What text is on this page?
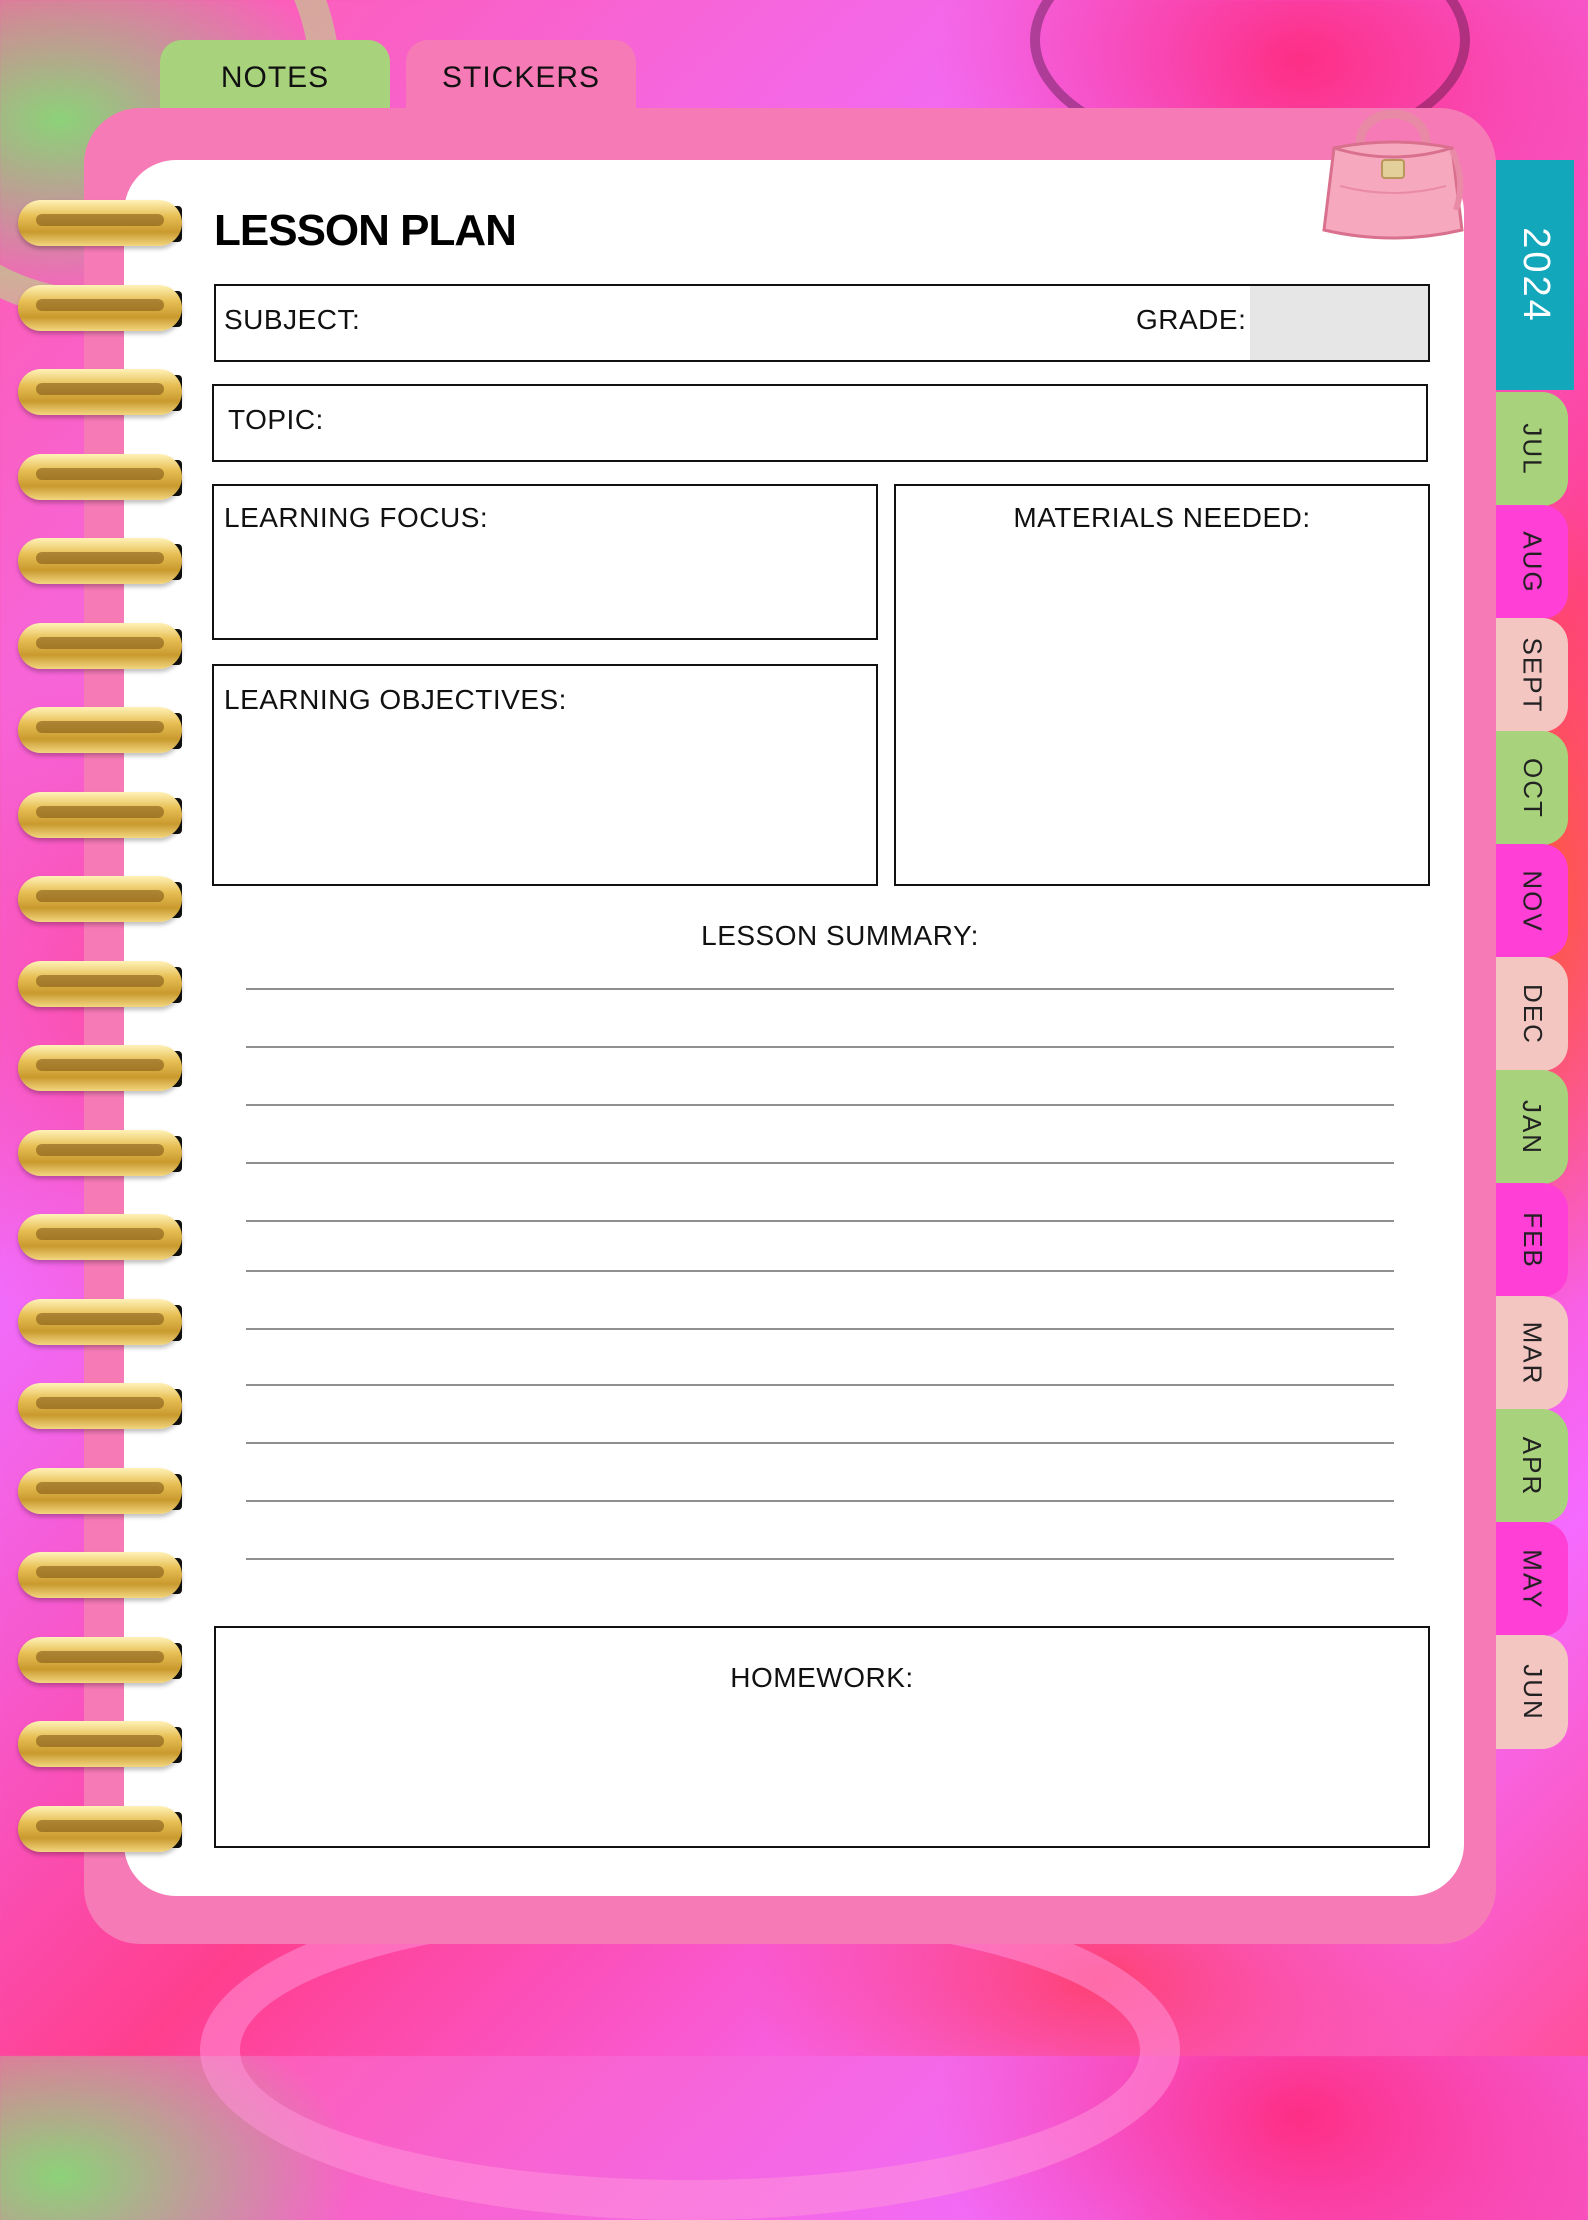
NOTES	STICKERS
2024
JUL
AUG
SEPT
OCT
NOV
DEC
JAN
FEB
MAR
APR
MAY
JUN
LESSON PLAN
SUBJECT:	GRADE:
TOPIC:
LEARNING FOCUS:	MATERIALS NEEDED:
LEARNING OBJECTIVES:
LESSON SUMMARY:
HOMEWORK:
